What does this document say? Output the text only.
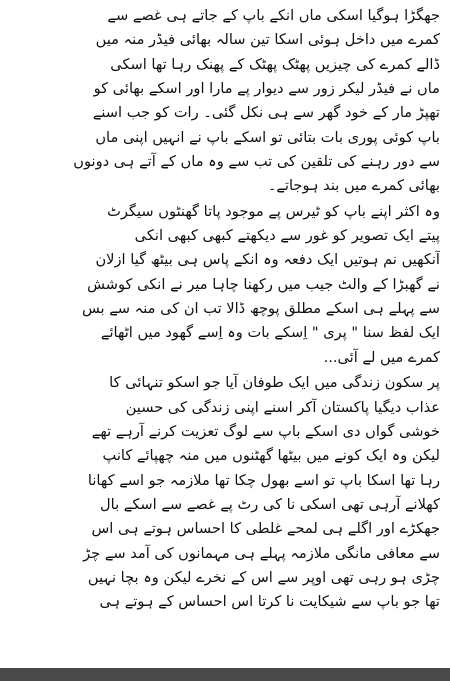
جھگڑا ہوگیا اسکی ماں انکے باپ کے جاتے ہی غصے سے
کمرے میں داخل ہوئی اسکا تین سالہ بھائی فیڈر منہ میں
ڈالے کمرے کی چیزیں پھٹک پھٹک کے پھنک رہا تھا اسکی
ماں نے فیڈر لیکر زور سے دیوار پے مارا اور اسکے بھائی کو
تھپڑ مار کے خود گھر سے ہی نکل گئی۔ رات کو جب اسنے
باپ کوئی پوری بات بتائی تو اسکے باپ نے انہیں اپنی ماں
سے دور رہنے کی تلقین کی تب سے وہ ماں کے آتے ہی دونوں
بھائی کمرے میں بند ہوجاتے۔
وہ اکثر اپنے باپ کو ٹیرس پے موجود پاتا گھنٹوں سیگرٹ
پیتے ایک تصویر کو غور سے دیکھتے کبھی کبھی انکی
آنکھیں نم ہوتیں ایک دفعہ وہ انکے پاس ہی بیٹھ گیا ازلان
نے گھبڑا کے والٹ جیب میں رکھنا چاہا میر نے انکی کوشش
سے پہلے ہی اسکے مطلق پوچھ ڈالا تب ان کی منہ سے بس
ایک لفظ سنا " پری " اِسکے بات وہ اِسے گھود میں اٹھائے
کمرے میں لے آئی...
پر سکون زندگی میں ایک طوفان آیا جو اسکو تنہائی کا
عذاب دیگیا پاکستان آکر اسنے اپنی زندگی کی حسین
خوشی گواں دی اسکے باپ سے لوگ تعزیت کرنے آرہے تھے
لیکن وہ ایک کونے میں بیٹھا گھٹنوں میں منہ چھپائے کانپ
رہا تھا اسکا باپ تو اسے بھول چکا تھا ملازمہ جو اسے کھانا
کھلانے آرہی تھی اسکی نا کی رٹ پے غصے سے اسکے بال
جھکڑے اور اگلے ہی لمحے غلطی کا احساس ہوتے ہی اس
سے معافی مانگی ملازمہ پہلے ہی مہمانوں کی آمد سے چڑ
چڑی ہو رہی تھی اوپر سے اس کے نخرے لیکن وہ بچا نہیں
تھا جو باپ سے شیکایت نا کرتا اس احساس کے ہوتے ہی
